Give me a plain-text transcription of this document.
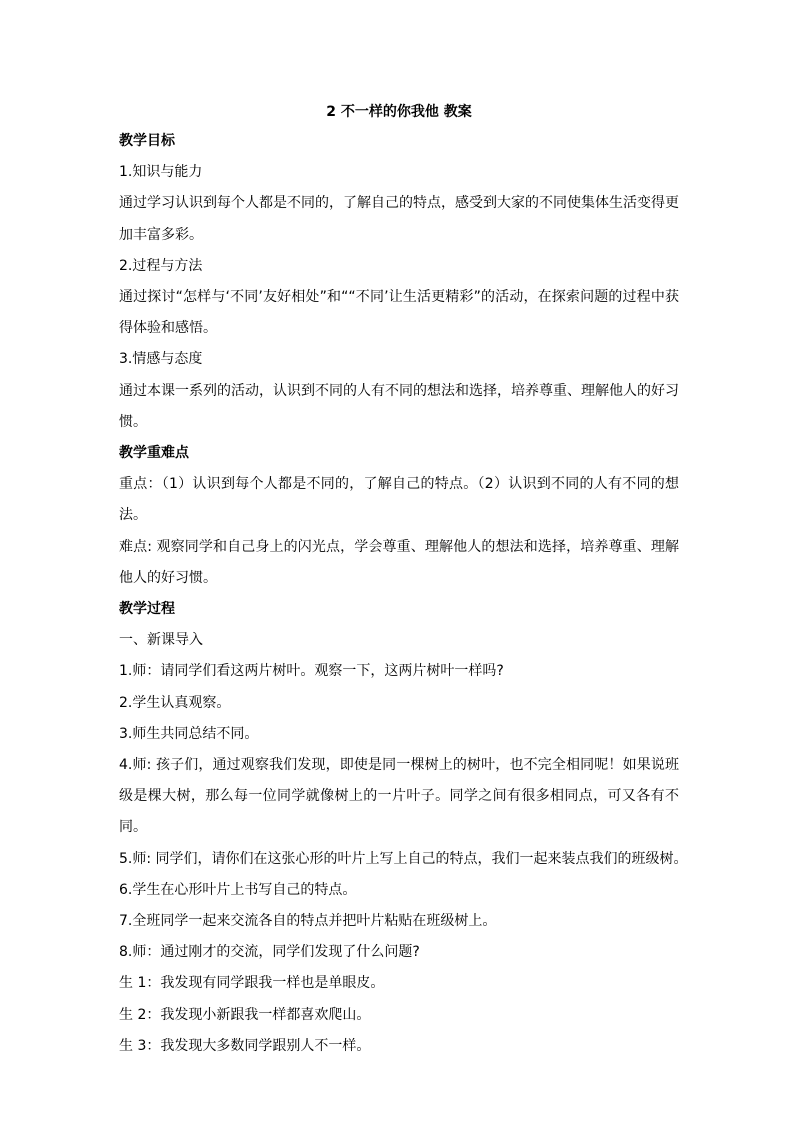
2 不一样的你我他 教案
教学目标
1.知识与能力
通过学习认识到每个人都是不同的，了解自己的特点，感受到大家的不同使集体生活变得更加丰富多彩。
2.过程与方法
通过探讨“怎样与‘不同’友好相处”和““不同’让生活更精彩”的活动，在探索问题的过程中获得体验和感悟。
3.情感与态度
通过本课一系列的活动，认识到不同的人有不同的想法和选择，培养尊重、理解他人的好习惯。
教学重难点
重点：（1）认识到每个人都是不同的，了解自己的特点。（2）认识到不同的人有不同的想法。
难点: 观察同学和自己身上的闪光点，学会尊重、理解他人的想法和选择，培养尊重、理解他人的好习惯。
教学过程
一、新课导入
1.师：请同学们看这两片树叶。观察一下，这两片树叶一样吗?
2.学生认真观察。
3.师生共同总结不同。
4.师: 孩子们，通过观察我们发现，即使是同一棵树上的树叶，也不完全相同呢！如果说班级是棵大树，那么每一位同学就像树上的一片叶子。同学之间有很多相同点，可又各有不同。
5.师: 同学们，请你们在这张心形的叶片上写上自己的特点，我们一起来装点我们的班级树。
6.学生在心形叶片上书写自己的特点。
7.全班同学一起来交流各自的特点并把叶片粘贴在班级树上。
8.师：通过刚才的交流，同学们发现了什么问题?
生 1：我发现有同学跟我一样也是单眼皮。
生 2：我发现小新跟我一样都喜欢爬山。
生 3：我发现大多数同学跟别人不一样。
